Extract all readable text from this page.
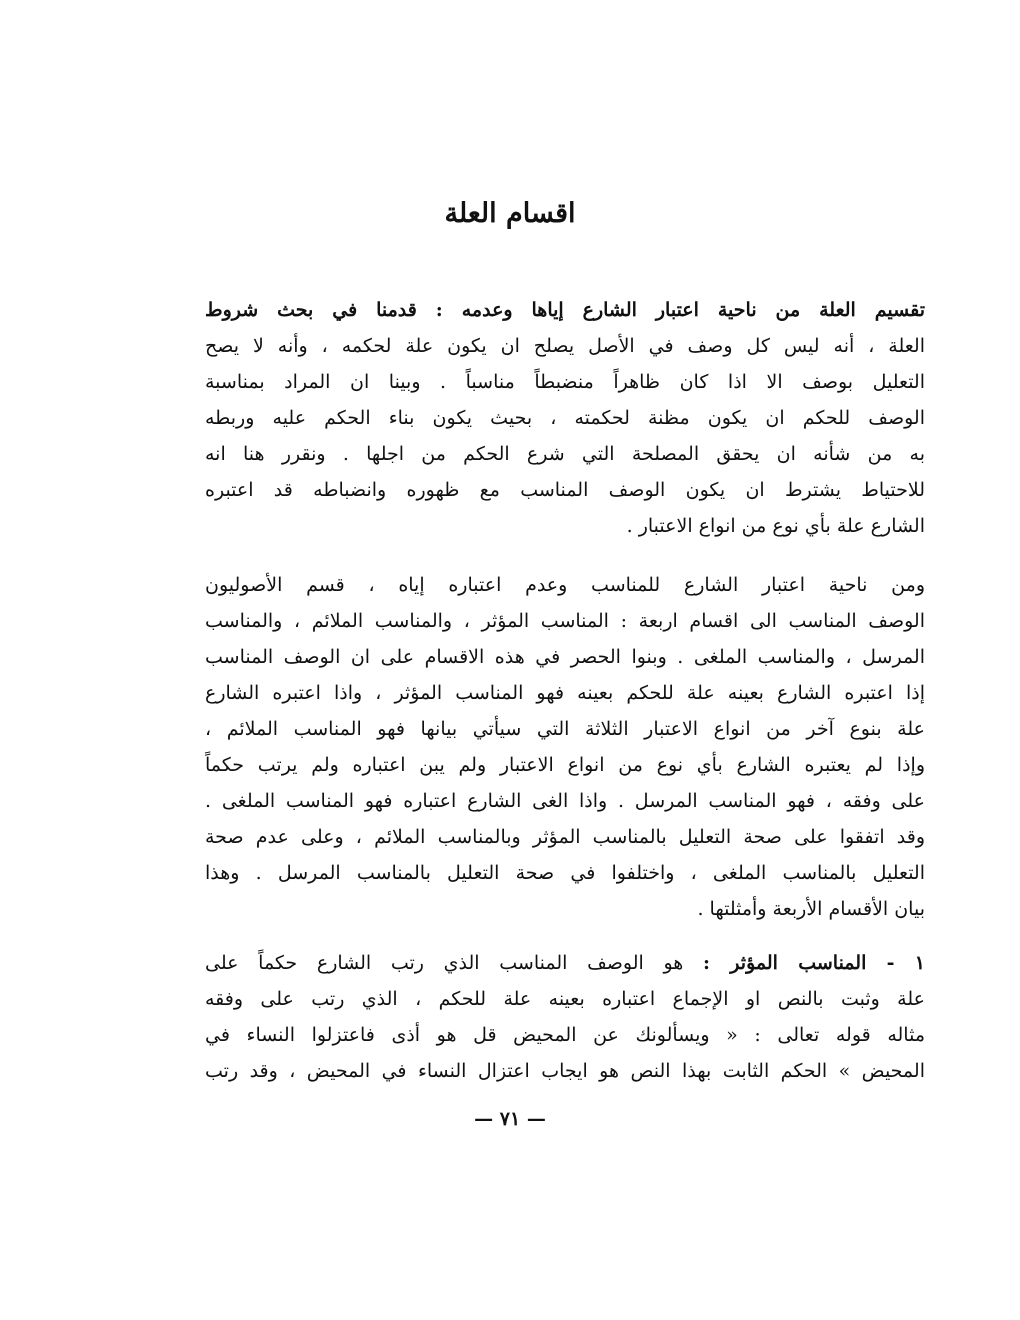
اقسام العلة
تقسيم العلة من ناحية اعتبار الشارع إياها وعدمه : قدمنا في بحث شروط
العلة ، أنه ليس كل وصف في الأصل يصلح ان يكون علة لحكمه ، وأنه لا يصح
التعليل بوصف الا اذا كان ظاهراً منضبطاً مناسباً . وبينا ان المراد بمناسبة
الوصف للحكم ان يكون مظنة لحكمته ، بحيث يكون بناء الحكم عليه وربطه
به من شأنه ان يحقق المصلحة التي شرع الحكم من اجلها . ونقرر هنا انه
للاحتياط يشترط ان يكون الوصف المناسب مع ظهوره وانضباطه قد اعتبره
الشارع علة بأي نوع من انواع الاعتبار .
ومن ناحية اعتبار الشارع للمناسب وعدم اعتباره إياه ، قسم الأصوليون
الوصف المناسب الى اقسام اربعة : المناسب المؤثر ، والمناسب الملائم ، والمناسب
المرسل ، والمناسب الملغى . وبنوا الحصر في هذه الاقسام على ان الوصف المناسب
إذا اعتبره الشارع بعينه علة للحكم بعينه فهو المناسب المؤثر ، واذا اعتبره الشارع
علة بنوع آخر من انواع الاعتبار الثلاثة التي سيأتي بيانها فهو المناسب الملائم ،
وإذا لم يعتبره الشارع بأي نوع من انواع الاعتبار ولم يبن اعتباره ولم يرتب حكماً
على وفقه ، فهو المناسب المرسل . واذا الغى الشارع اعتباره فهو المناسب الملغى .
وقد اتفقوا على صحة التعليل بالمناسب المؤثر وبالمناسب الملائم ، وعلى عدم صحة
التعليل بالمناسب الملغى ، واختلفوا في صحة التعليل بالمناسب المرسل . وهذا
بيان الأقسام الأربعة وأمثلتها .
١ - المناسب المؤثر : هو الوصف المناسب الذي رتب الشارع حكماً على
علة وثبت بالنص او الإجماع اعتباره بعينه علة للحكم ، الذي رتب على وفقه
مثاله قوله تعالى : « ويسألونك عن المحيض قل هو أذى فاعتزلوا النساء في
المحيض » الحكم الثابت بهذا النص هو ايجاب اعتزال النساء في المحيض ، وقد رتب
— ٧١ —
